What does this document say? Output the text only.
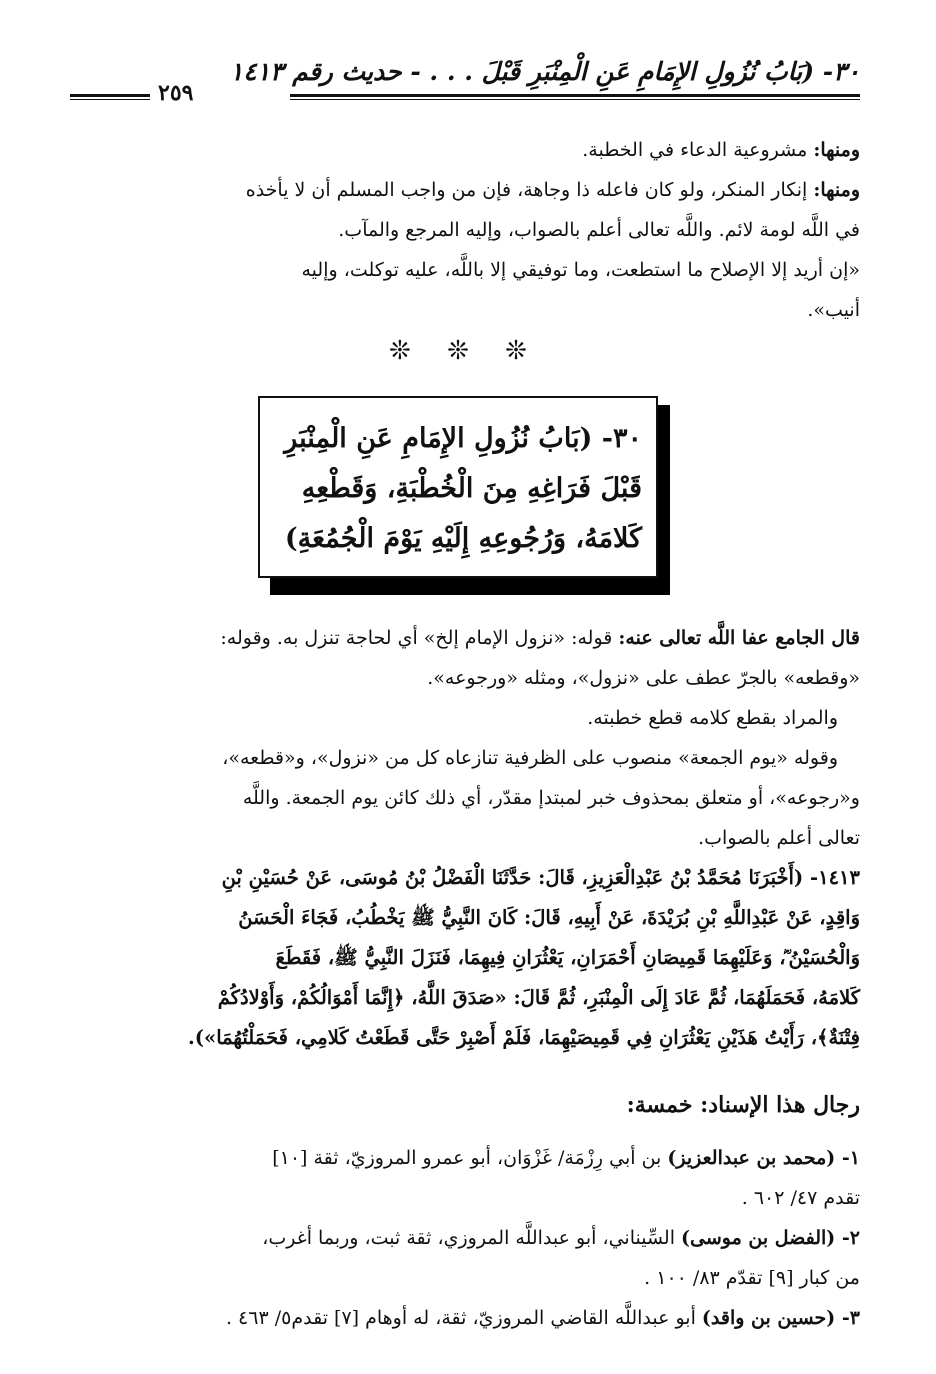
٣٠- (بَابُ نُزُولِ الإِمَامِ عَنِ الْمِنْبَرِ قَبْلَ . . . - حديث رقم ١٤١٣
٢٥٩
ومنها: مشروعية الدعاء في الخطبة.
ومنها: إنكار المنكر، ولو كان فاعله ذا وجاهة، فإن من واجب المسلم أن لا يأخذه
في اللَّه لومة لائم. واللَّه تعالى أعلم بالصواب، وإليه المرجع والمآب.
«إن أريد إلا الإصلاح ما استطعت، وما توفيقي إلا باللَّه، عليه توكلت، وإليه
أنيب».
❊ ❊ ❊
٣٠- (بَابُ نُزُولِ الإِمَامِ عَنِ الْمِنْبَرِ
قَبْلَ فَرَاغِهِ مِنَ الْخُطْبَةِ، وَقَطْعِهِ
كَلامَهُ، وَرُجُوعِهِ إِلَيْهِ يَوْمَ الْجُمُعَةِ)
قال الجامع عفا اللَّه تعالى عنه: قوله: «نزول الإمام إلخ» أي لحاجة تنزل به. وقوله:
«وقطعه» بالجرّ عطف على «نزول»، ومثله «ورجوعه».
والمراد بقطع كلامه قطع خطبته.
وقوله «يوم الجمعة» منصوب على الظرفية تنازعاه كل من «نزول»، و«قطعه»،
و«رجوعه»، أو متعلق بمحذوف خبر لمبتدإ مقدّر، أي ذلك كائن يوم الجمعة. واللَّه
تعالى أعلم بالصواب.
١٤١٣- (أَخْبَرَنَا مُحَمَّدُ بْنُ عَبْدِالْعَزِيزِ، قَالَ: حَدَّثَنَا الْفَضْلُ بْنُ مُوسَى، عَنْ حُسَيْنِ بْنِ
وَاقِدٍ، عَنْ عَبْدِاللَّهِ بْنِ بُرَيْدَةَ، عَنْ أَبِيهِ، قَالَ: كَانَ النَّبِيُّ ﷺ يَخْطُبُ، فَجَاءَ الْحَسَنُ
وَالْحُسَيْنُ ؓ، وَعَلَيْهِمَا قَمِيصَانِ أَحْمَرَانِ، يَعْثُرَانِ فِيهِمَا، فَنَزَلَ النَّبِيُّ ﷺ، فَقَطَعَ
كَلامَهُ، فَحَمَلَهُمَا، ثُمَّ عَادَ إِلَى الْمِنْبَرِ، ثُمَّ قَالَ: «صَدَقَ اللَّهُ، ﴿إِنَّمَا أَمْوَالُكُمْ، وَأَوْلادُكُمْ
فِتْنَةٌ﴾، رَأَيْتُ هَذَيْنِ يَعْثُرَانِ فِي قَمِيصَيْهِمَا، فَلَمْ أَصْبِرْ حَتَّى قَطَعْتُ كَلامِي، فَحَمَلْتُهُمَا»).
رجال هذا الإسناد: خمسة:
١- (محمد بن عبدالعزيز) بن أبي رِزْمَة/ غَزْوَان، أبو عمرو المروزيّ، ثقة [١٠]
تقدم ٤٧/ ٦٠٢ .
٢- (الفضل بن موسى) السِّيناني، أبو عبداللَّه المروزي، ثقة ثبت، وربما أغرب،
من كبار [٩] تقدّم ٨٣/ ١٠٠ .
٣- (حسين بن واقد) أبو عبداللَّه القاضي المروزيّ، ثقة، له أوهام [٧] تقدم٥/ ٤٦٣ .
